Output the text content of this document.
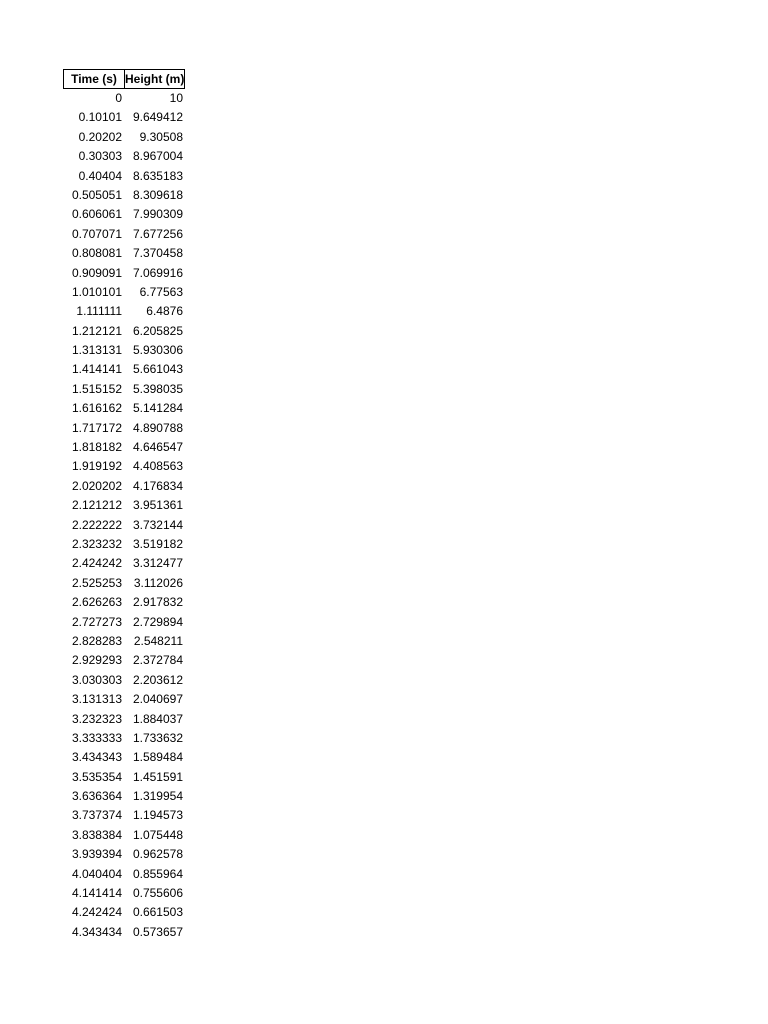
Time (s) Height (m)
0	10
0.10101 9.649412
0.20202	9.30508
0.30303 8.967004
0.40404 8.635183
0.505051 8.309618
0.606061 7.990309
0.707071 7.677256
0.808081 7.370458
0.909091 7.069916
1.010101	6.77563
1.111111	6.4876
1.212121 6.205825
1.313131 5.930306
1.414141 5.661043
1.515152 5.398035
1.616162 5.141284
1.717172 4.890788
1.818182 4.646547
1.919192 4.408563
2.020202 4.176834
2.121212 3.951361
2.222222 3.732144
2.323232 3.519182
2.424242 3.312477
2.525253 3.112026
2.626263 2.917832
2.727273 2.729894
2.828283 2.548211
2.929293 2.372784
3.030303 2.203612
3.131313 2.040697
3.232323 1.884037
3.333333 1.733632
3.434343 1.589484
3.535354 1.451591
3.636364 1.319954
3.737374 1.194573
3.838384 1.075448
3.939394 0.962578
4.040404 0.855964
4.141414 0.755606
4.242424 0.661503
4.343434 0.573657
